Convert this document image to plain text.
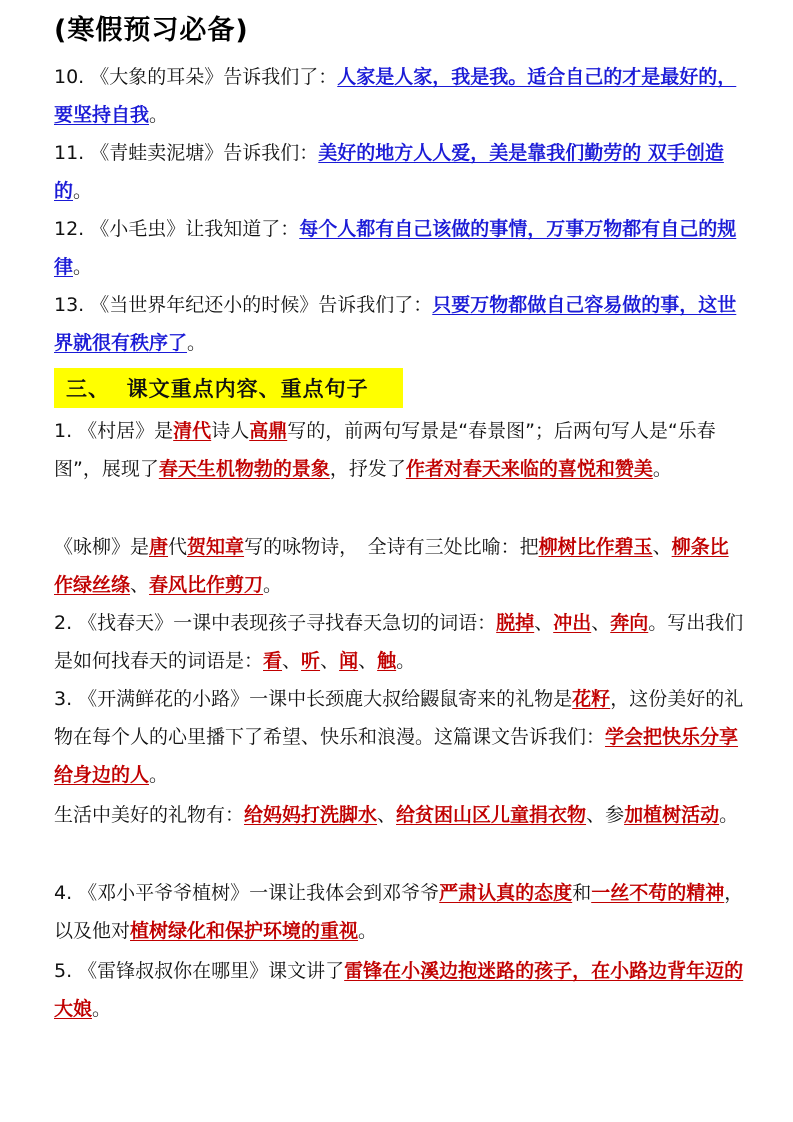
(寒假预习必备)

10. 《大象的耳朵》告诉我们了：人家是人家，我是我。适合自己的才是最好的，要坚持自我。

11. 《青蛙卖泥塘》告诉我们：美好的地方人人爱，美是靠我们勤劳的 双手创造的。

12. 《小毛虫》让我知道了：每个人都有自己该做的事情，万事万物都有自己的规律。

13. 《当世界年纪还小的时候》告诉我们了：只要万物都做自己容易做的事，这世界就很有秩序了。

三、  课文重点内容、重点句子

1. 《村居》是清代诗人高鼎写的，前两句写景是“春景图”；后两句写人是“乐春图”，展现了春天生机物勃的景象，抒发了作者对春天来临的喜悦和赞美。

《咏柳》是唐代贺知章写的咏物诗，　全诗有三处比喻：把柳树比作碧玉、柳条比作绿丝绦、春风比作剪刀。

2. 《找春天》一课中表现孩子寻找春天急切的词语：脱掉、冲出、奔向。写出我们是如何找春天的词语是：看、听、闻、触。

3. 《开满鲜花的小路》一课中长颈鹿大叔给鼹鼠寄来的礼物是花籽，这份美好的礼物在每个人的心里播下了希望、快乐和浪漫。这篇课文告诉我们：学会把快乐分享给身边的人。

生活中美好的礼物有：给妈妈打洗脚水、给贫困山区儿童捐衣物、参加植树活动。

4. 《邓小平爷爷植树》一课让我体会到邓爷爷严肃认真的态度和一丝不苟的精神，以及他对植树绿化和保护环境的重视。

5. 《雷锋叔叔你在哪里》课文讲了雷锋在小溪边抱迷路的孩子，在小路边背年迈的大娘。
